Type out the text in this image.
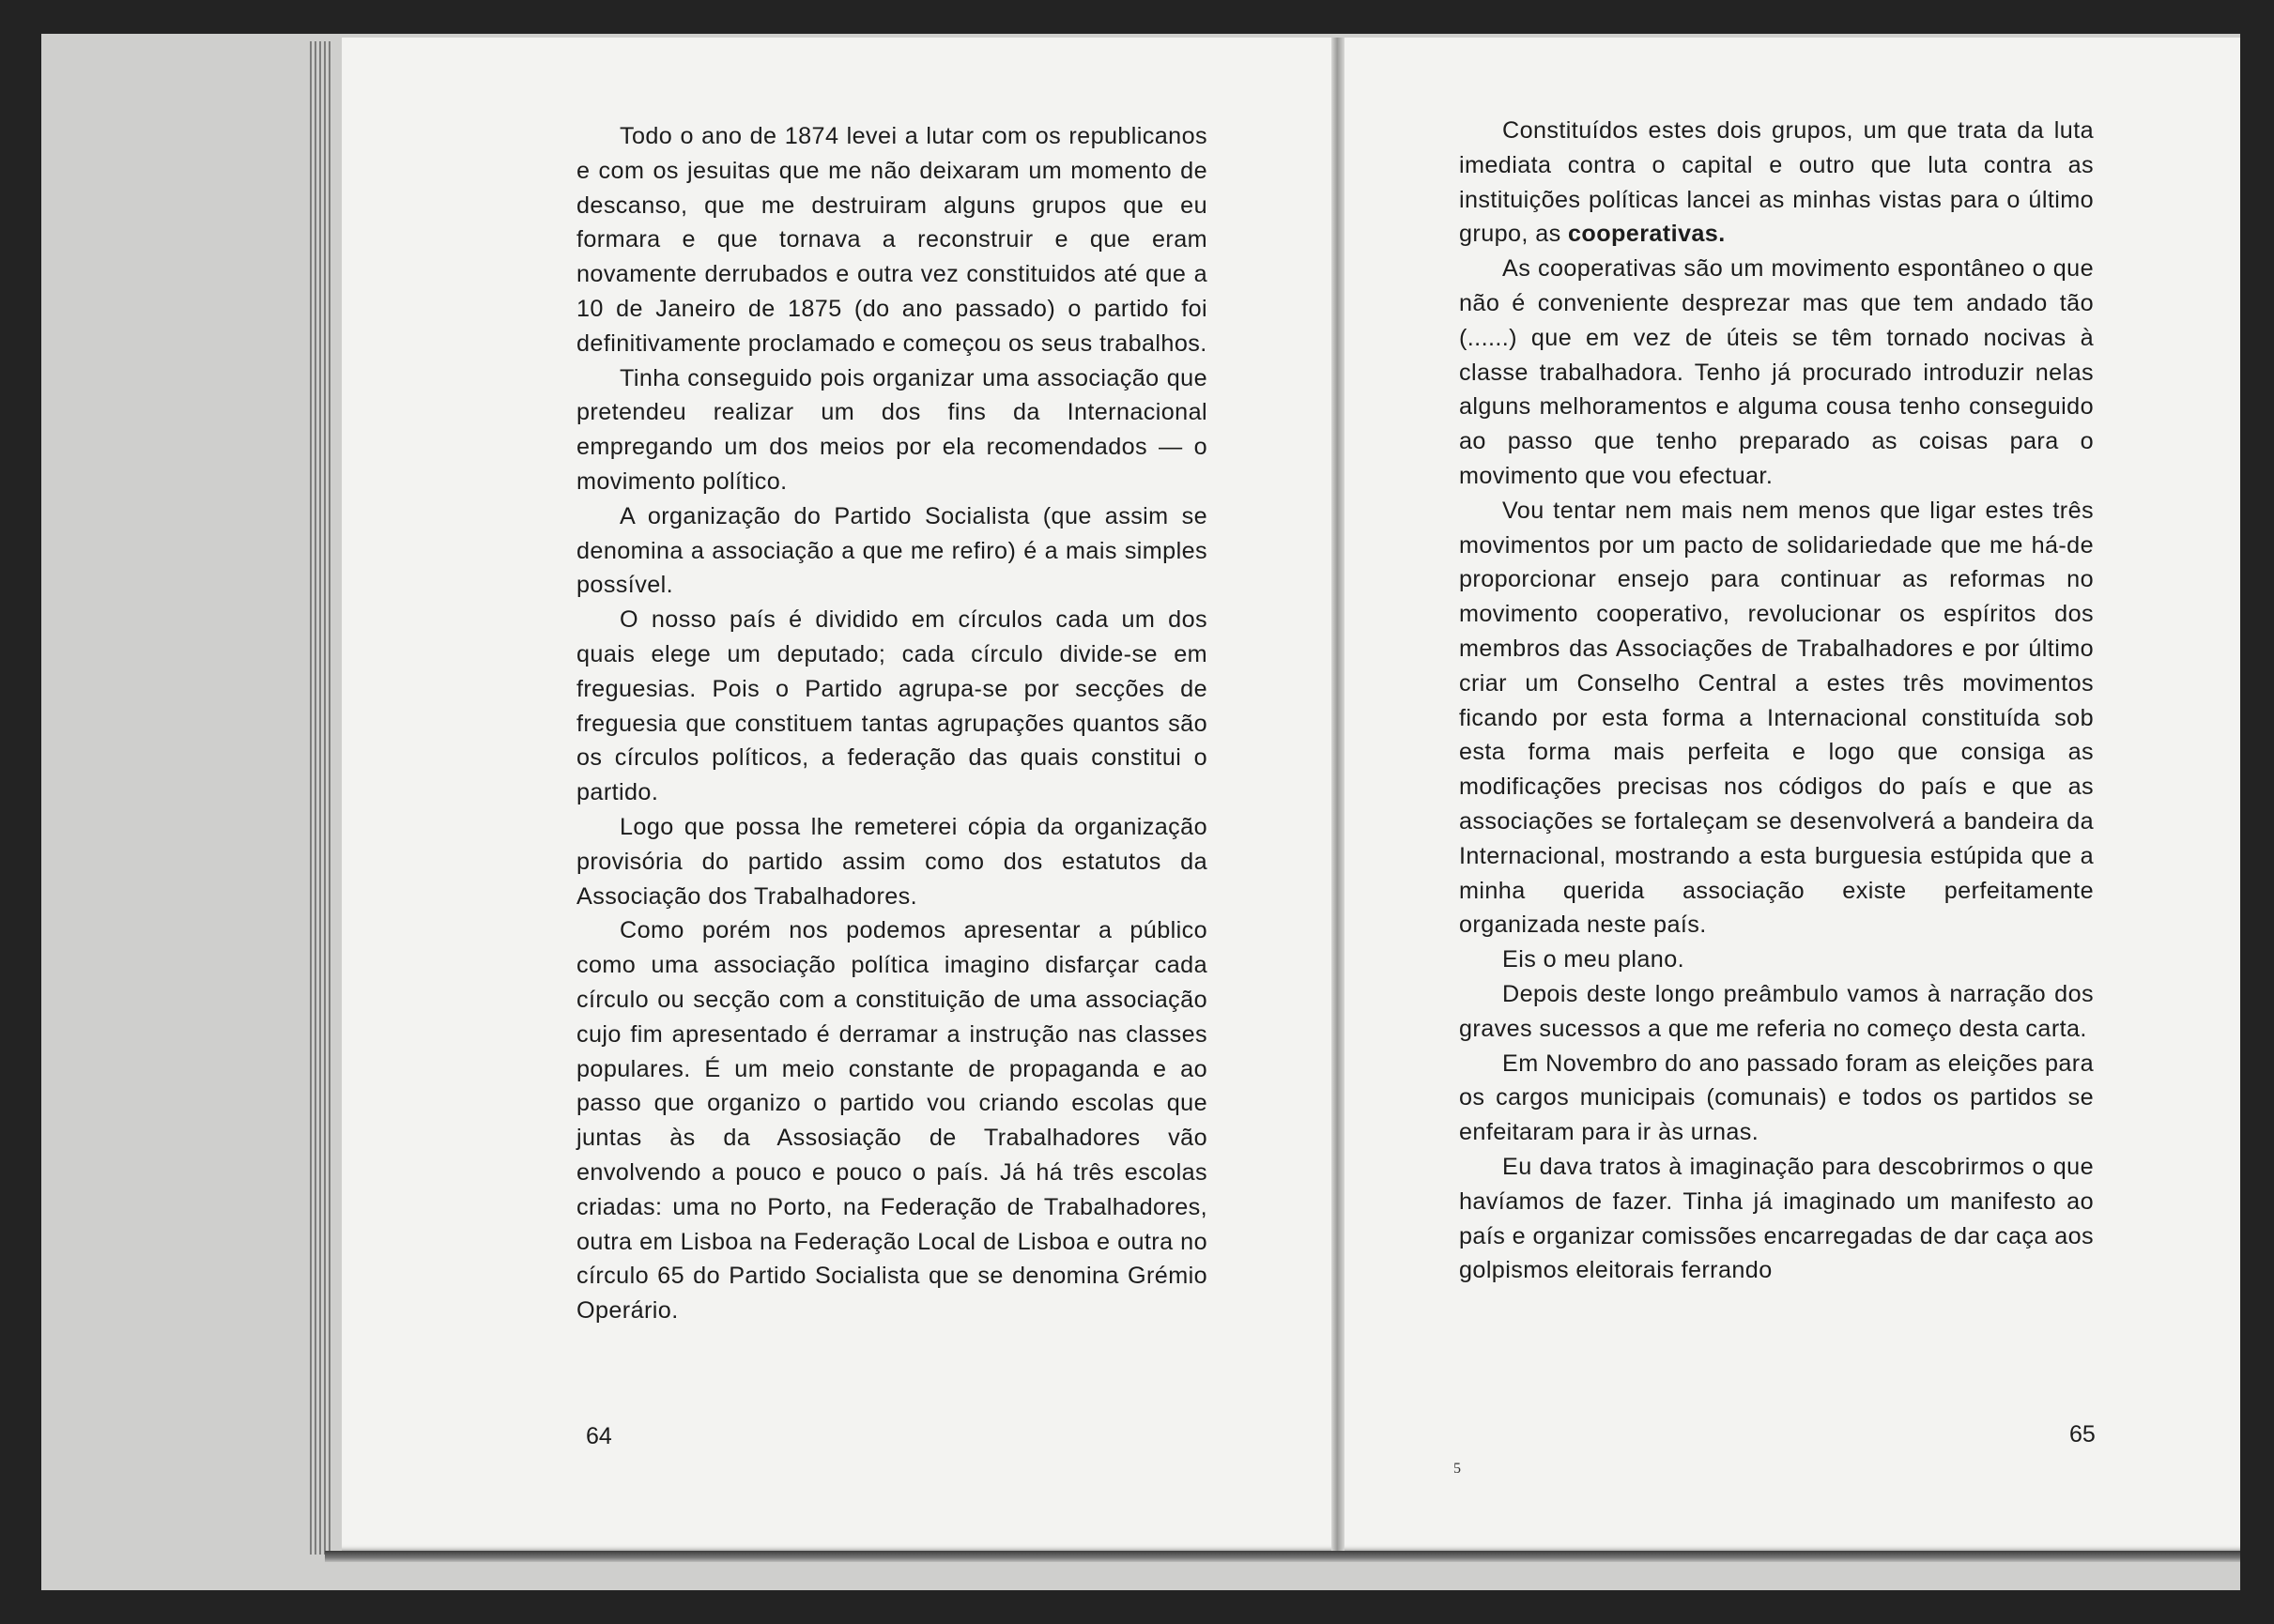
Todo o ano de 1874 levei a lutar com os republicanos e com os jesuitas que me não deixaram um momento de descanso, que me destruiram alguns grupos que eu formara e que tornava a reconstruir e que eram novamente derrubados e outra vez constituidos até que a 10 de Janeiro de 1875 (do ano passado) o partido foi definitivamente proclamado e começou os seus trabalhos.

Tinha conseguido pois organizar uma associação que pretendeu realizar um dos fins da Internacional empregando um dos meios por ela recomendados — o movimento político.

A organização do Partido Socialista (que assim se denomina a associação a que me refiro) é a mais simples possível.

O nosso país é dividido em círculos cada um dos quais elege um deputado; cada círculo divide-se em freguesias. Pois o Partido agrupa-se por secções de freguesia que constituem tantas agrupações quantos são os círculos políticos, a federação das quais constitui o partido.

Logo que possa lhe remeterei cópia da organização provisória do partido assim como dos estatutos da Associação dos Trabalhadores.

Como porém nos podemos apresentar a público como uma associação política imagino disfarçar cada círculo ou secção com a constituição de uma associação cujo fim apresentado é derramar a instrução nas classes populares. É um meio constante de propaganda e ao passo que organizo o partido vou criando escolas que juntas às da Assosiação de Trabalhadores vão envolvendo a pouco e pouco o país. Já há três escolas criadas: uma no Porto, na Federação de Trabalhadores, outra em Lisboa na Federação Local de Lisboa e outra no círculo 65 do Partido Socialista que se denomina Grémio Operário.

64

Constituídos estes dois grupos, um que trata da luta imediata contra o capital e outro que luta contra as instituições políticas lancei as minhas vistas para o último grupo, as cooperativas.

As cooperativas são um movimento espontâneo o que não é conveniente desprezar mas que tem andado tão (......) que em vez de úteis se têm tornado nocivas à classe trabalhadora. Tenho já procurado introduzir nelas alguns melhoramentos e alguma cousa tenho conseguido ao passo que tenho preparado as coisas para o movimento que vou efectuar.

Vou tentar nem mais nem menos que ligar estes três movimentos por um pacto de solidariedade que me há-de proporcionar ensejo para continuar as reformas no movimento cooperativo, revolucionar os espíritos dos membros das Associações de Trabalhadores e por último criar um Conselho Central a estes três movimentos ficando por esta forma a Internacional constituída sob esta forma mais perfeita e logo que consiga as modificações precisas nos códigos do país e que as associações se fortaleçam se desenvolverá a bandeira da Internacional, mostrando a esta burguesia estúpida que a minha querida associação existe perfeitamente organizada neste país.

Eis o meu plano.

Depois deste longo preâmbulo vamos à narração dos graves sucessos a que me referia no começo desta carta.

Em Novembro do ano passado foram as eleições para os cargos municipais (comunais) e todos os partidos se enfeitaram para ir às urnas.

Eu dava tratos à imaginação para descobrirmos o que havíamos de fazer. Tinha já imaginado um manifesto ao país e organizar comissões encarregadas de dar caça aos golpismos eleitorais ferrando

65
5
